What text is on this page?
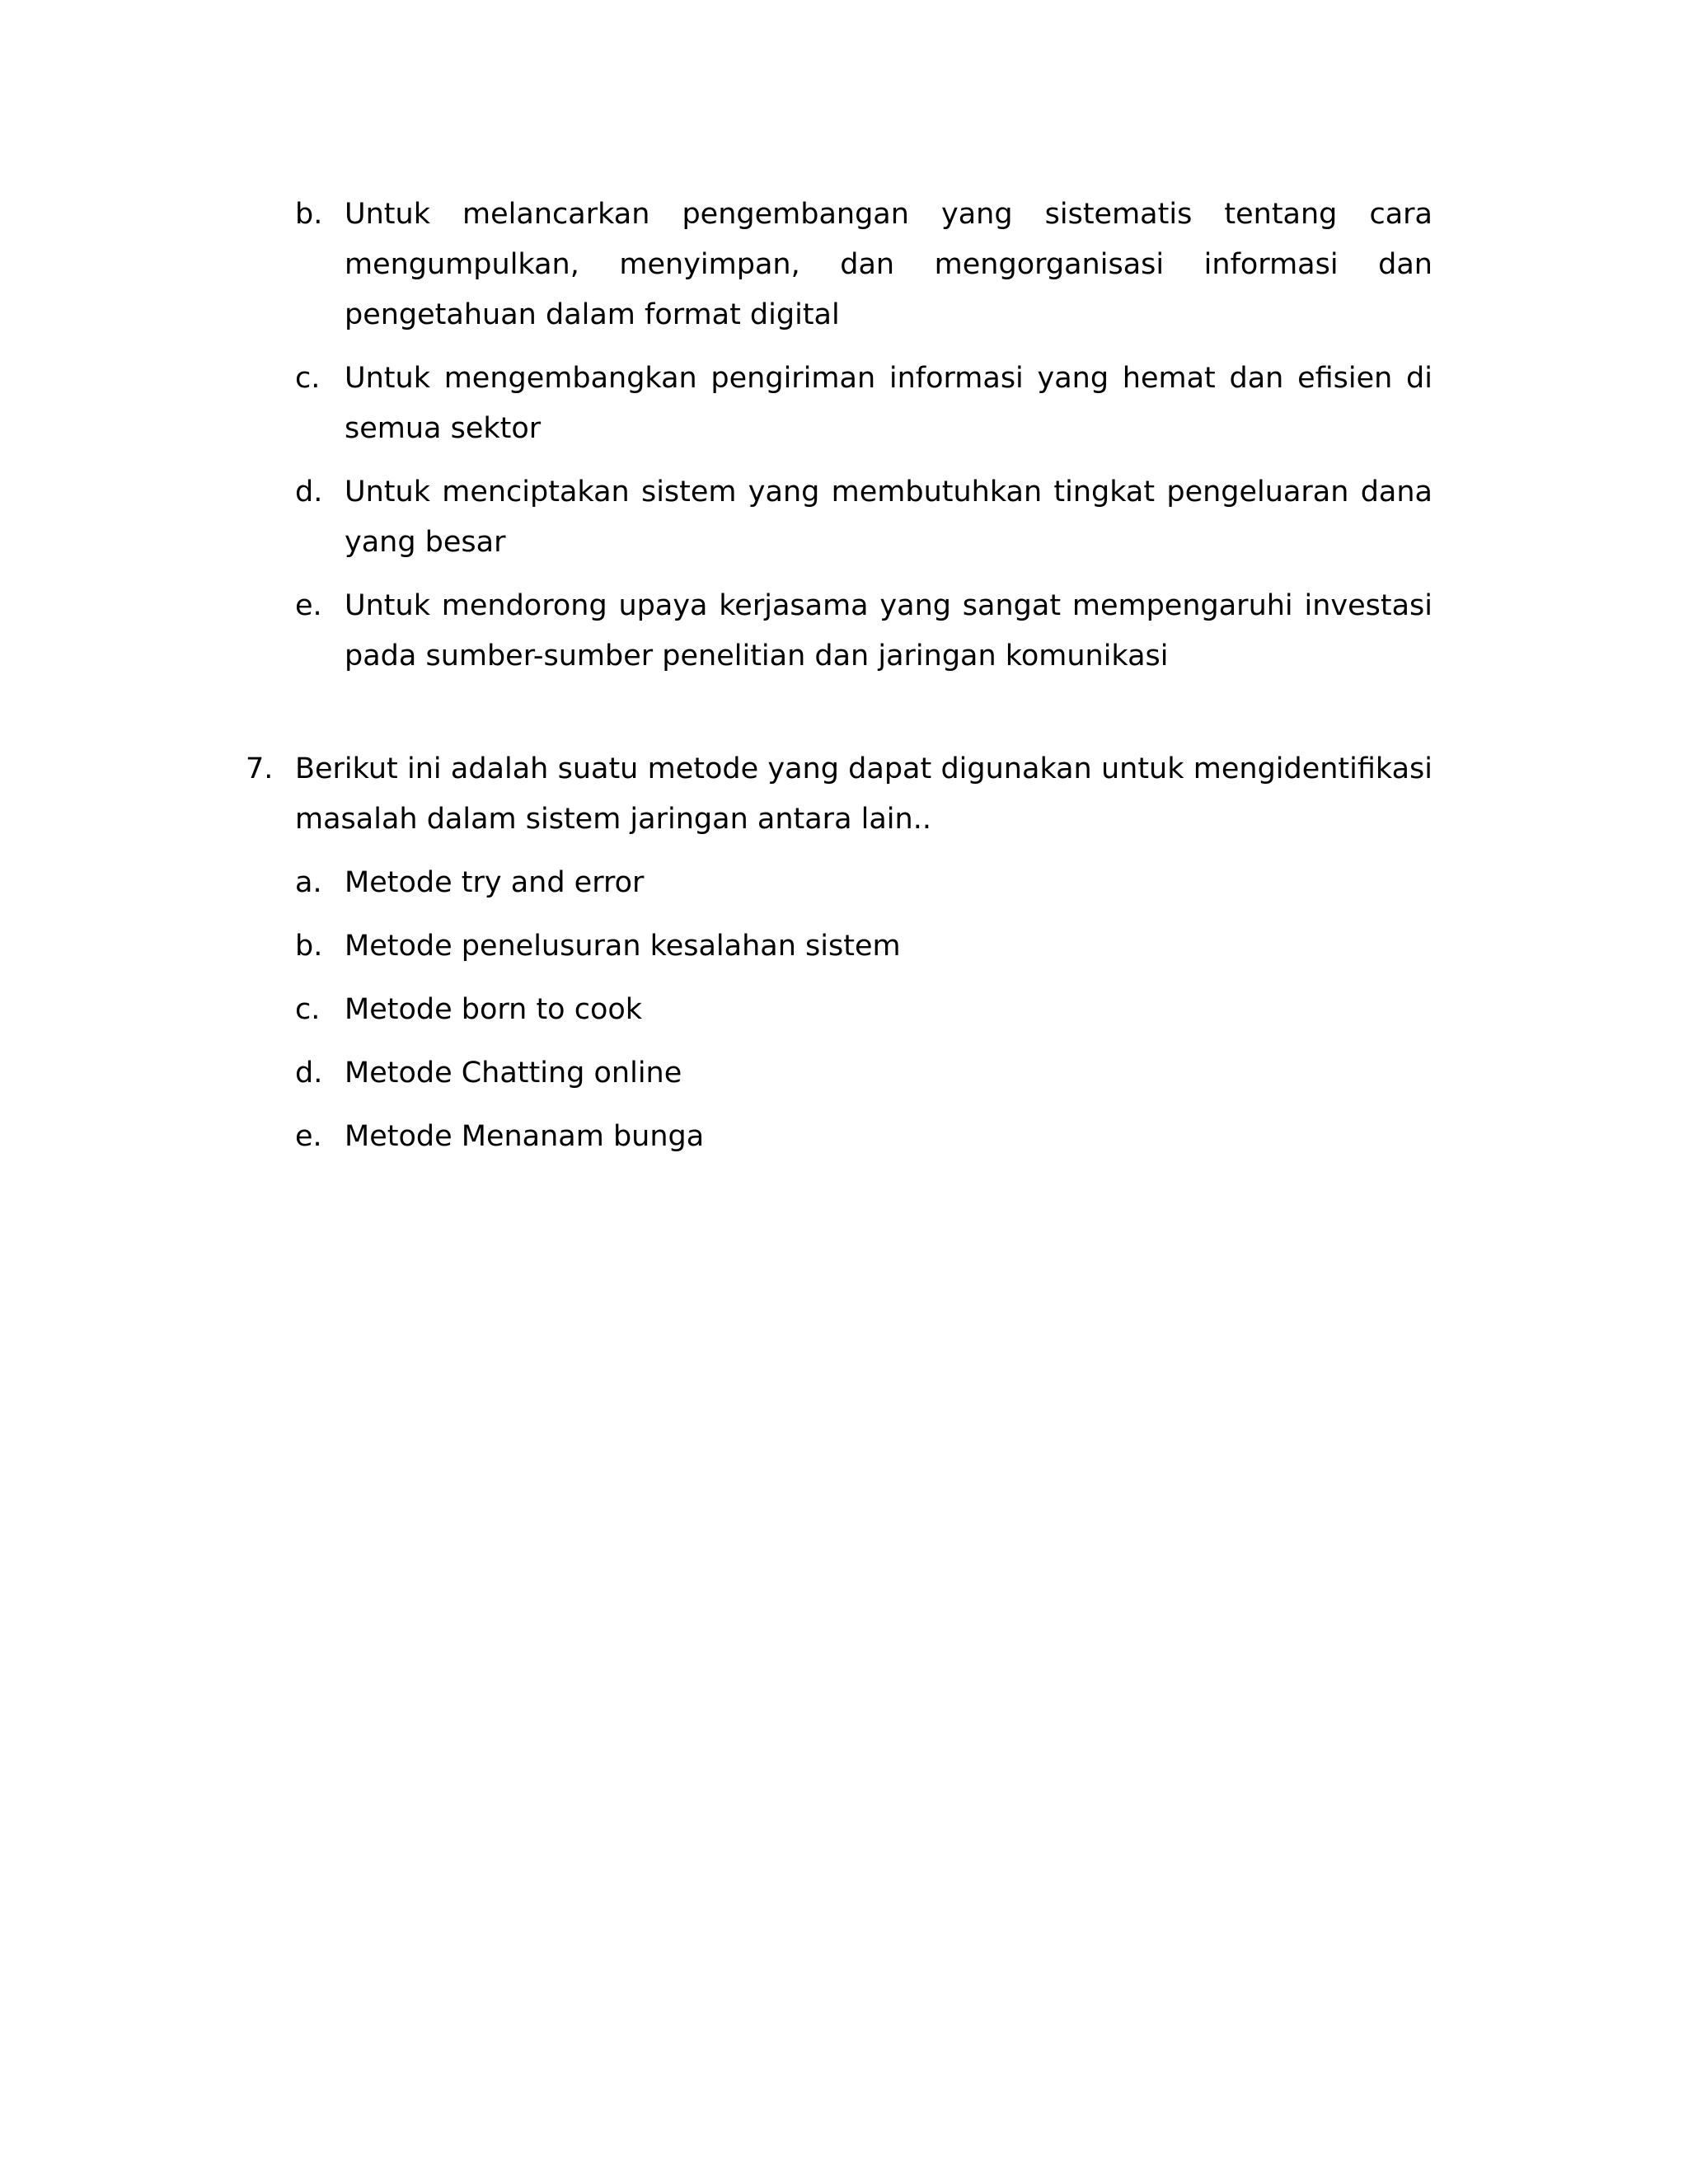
b. Untuk melancarkan pengembangan yang sistematis tentang cara mengumpulkan, menyimpan, dan mengorganisasi informasi dan pengetahuan dalam format digital
c. Untuk mengembangkan pengiriman informasi yang hemat dan efisien di semua sektor
d. Untuk menciptakan sistem yang membutuhkan tingkat pengeluaran dana yang besar
e. Untuk mendorong upaya kerjasama yang sangat mempengaruhi investasi pada sumber-sumber penelitian dan jaringan komunikasi
7. Berikut ini adalah suatu metode yang dapat digunakan untuk mengidentifikasi masalah dalam sistem jaringan antara lain..
a. Metode try and error
b. Metode penelusuran kesalahan sistem
c. Metode born to cook
d. Metode Chatting online
e. Metode Menanam bunga
